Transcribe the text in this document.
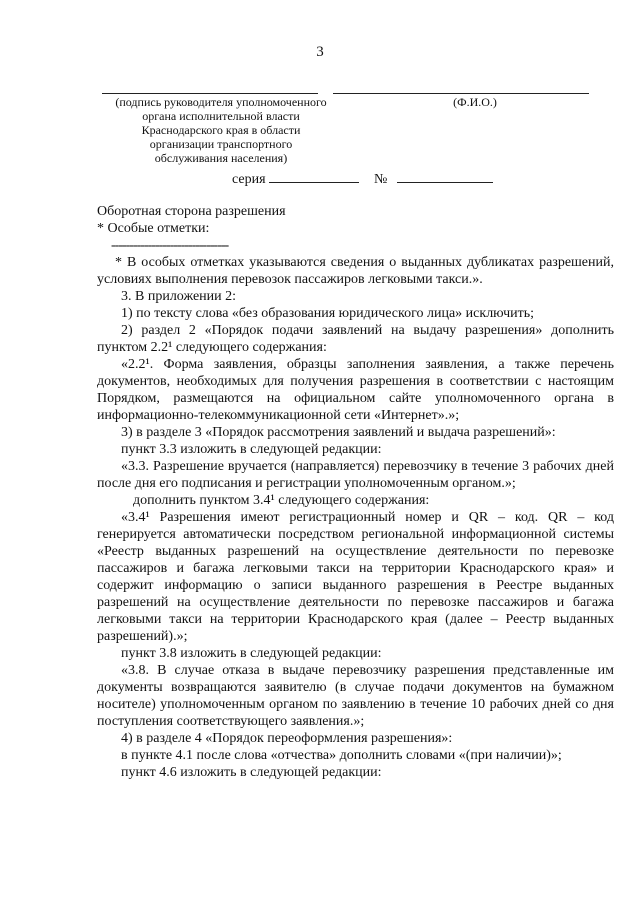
3
(подпись руководителя уполномоченного
органа исполнительной власти
Краснодарского края в области
организации транспортного
обслуживания населения)
(Ф.И.О.)
серия	№

Оборотная сторона разрешения

* Особые отметки:

--------------------------------

* В особых отметках указываются сведения о выданных дубликатах разрешений, условиях выполнения перевозок пассажиров легковыми такси.».

3. В приложении 2:

1) по тексту слова «без образования юридического лица» исключить;

2) раздел 2 «Порядок подачи заявлений на выдачу разрешения» дополнить пунктом 2.2¹ следующего содержания:

«2.2¹. Форма заявления, образцы заполнения заявления, а также перечень документов, необходимых для получения разрешения в соответствии с настоящим Порядком, размещаются на официальном сайте уполномоченного органа в информационно-телекоммуникационной сети «Интернет».»;

3) в разделе 3 «Порядок рассмотрения заявлений и выдача разрешений»:

пункт 3.3 изложить в следующей редакции:

«3.3. Разрешение вручается (направляется) перевозчику в течение 3 рабочих дней после дня его подписания и регистрации уполномоченным органом.»;

дополнить пунктом 3.4¹ следующего содержания:

«3.4¹ Разрешения имеют регистрационный номер и QR – код. QR – код генерируется автоматически посредством региональной информационной системы «Реестр выданных разрешений на осуществление деятельности по перевозке пассажиров и багажа легковыми такси на территории Краснодарского края» и содержит информацию о записи выданного разрешения в Реестре выданных разрешений на осуществление деятельности по перевозке пассажиров и багажа легковыми такси на территории Краснодарского края (далее – Реестр выданных разрешений).»;

пункт 3.8 изложить в следующей редакции:

«3.8. В случае отказа в выдаче перевозчику разрешения представленные им документы возвращаются заявителю (в случае подачи документов на бумажном носителе) уполномоченным органом по заявлению в течение 10 рабочих дней со дня поступления соответствующего заявления.»;

4) в разделе 4 «Порядок переоформления разрешения»:

в пункте 4.1 после слова «отчества» дополнить словами «(при наличии)»;

пункт 4.6 изложить в следующей редакции:
